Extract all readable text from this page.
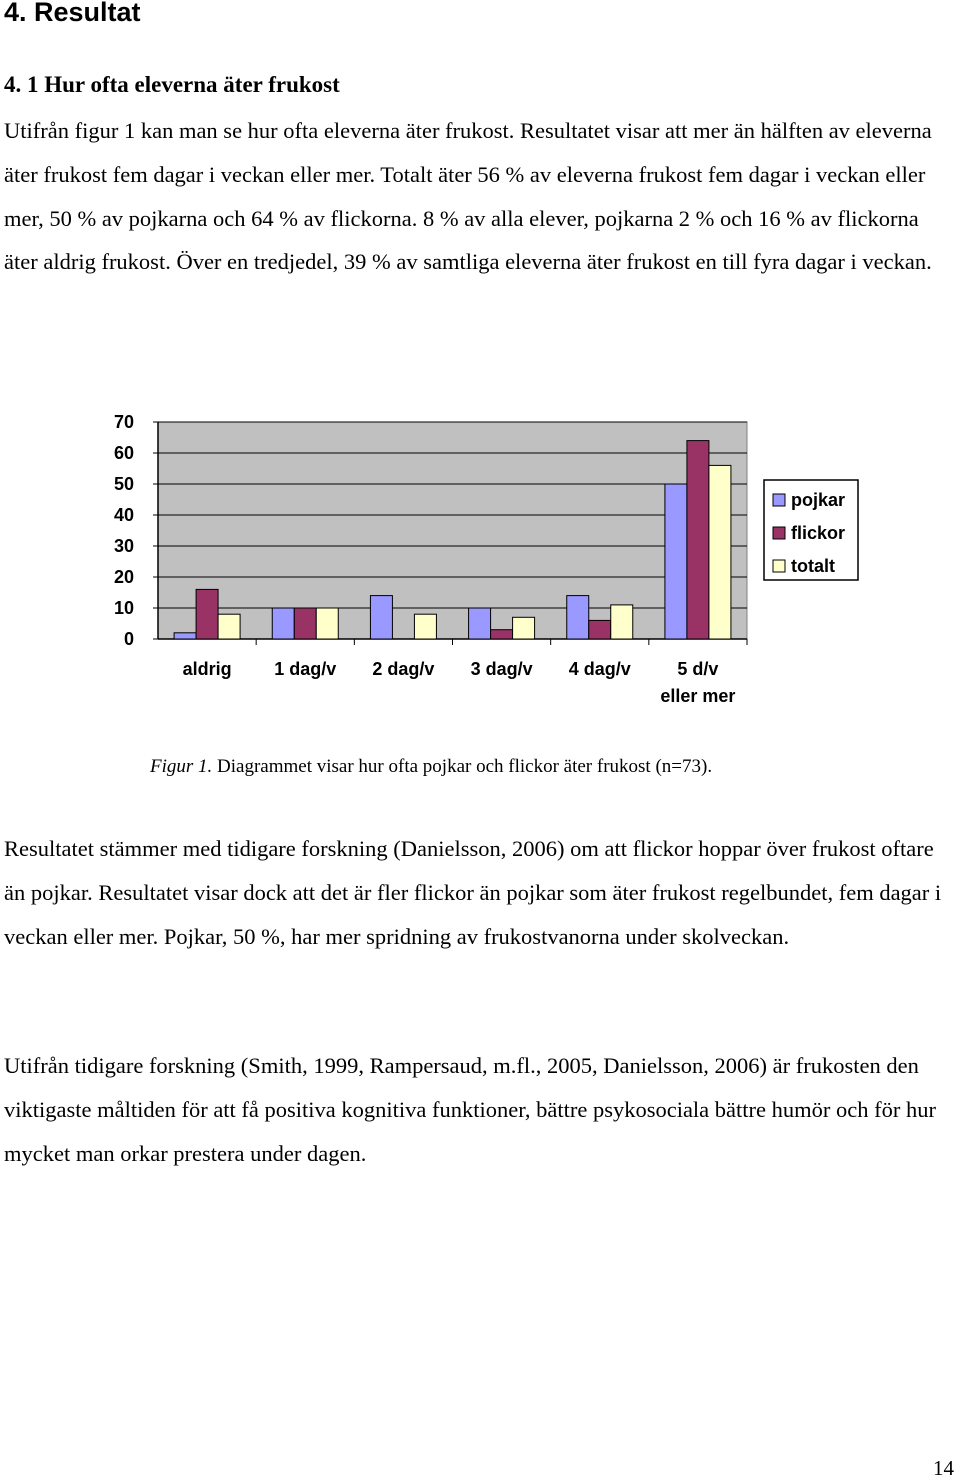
4. Resultat
4. 1 Hur ofta eleverna äter frukost

Utifrån figur 1 kan man se hur ofta eleverna äter frukost. Resultatet visar att mer än hälften av eleverna äter frukost fem dagar i veckan eller mer. Totalt äter 56 % av eleverna frukost fem dagar i veckan eller mer, 50 % av pojkarna och 64 % av flickorna. 8 % av alla elever, pojkarna 2 % och 16 % av flickorna äter aldrig frukost. Över en tredjedel, 39 % av samtliga eleverna äter frukost en till fyra dagar i veckan.

0
10
20
30
40
50
60
70
aldrig 1 dag/v 2 dag/v 3 dag/v 4 dag/v	5 d/v
eller mer
pojkar
flickor
totalt

Figur 1. Diagrammet visar hur ofta pojkar och flickor äter frukost (n=73).

Resultatet stämmer med tidigare forskning (Danielsson, 2006) om att flickor hoppar över frukost oftare än pojkar. Resultatet visar dock att det är fler flickor än pojkar som äter frukost regelbundet, fem dagar i veckan eller mer. Pojkar, 50 %, har mer spridning av frukostvanorna under skolveckan.

Utifrån tidigare forskning (Smith, 1999, Rampersaud, m.fl., 2005, Danielsson, 2006) är frukosten den viktigaste måltiden för att få positiva kognitiva funktioner, bättre psykosociala bättre humör och för hur mycket man orkar prestera under dagen.

14
